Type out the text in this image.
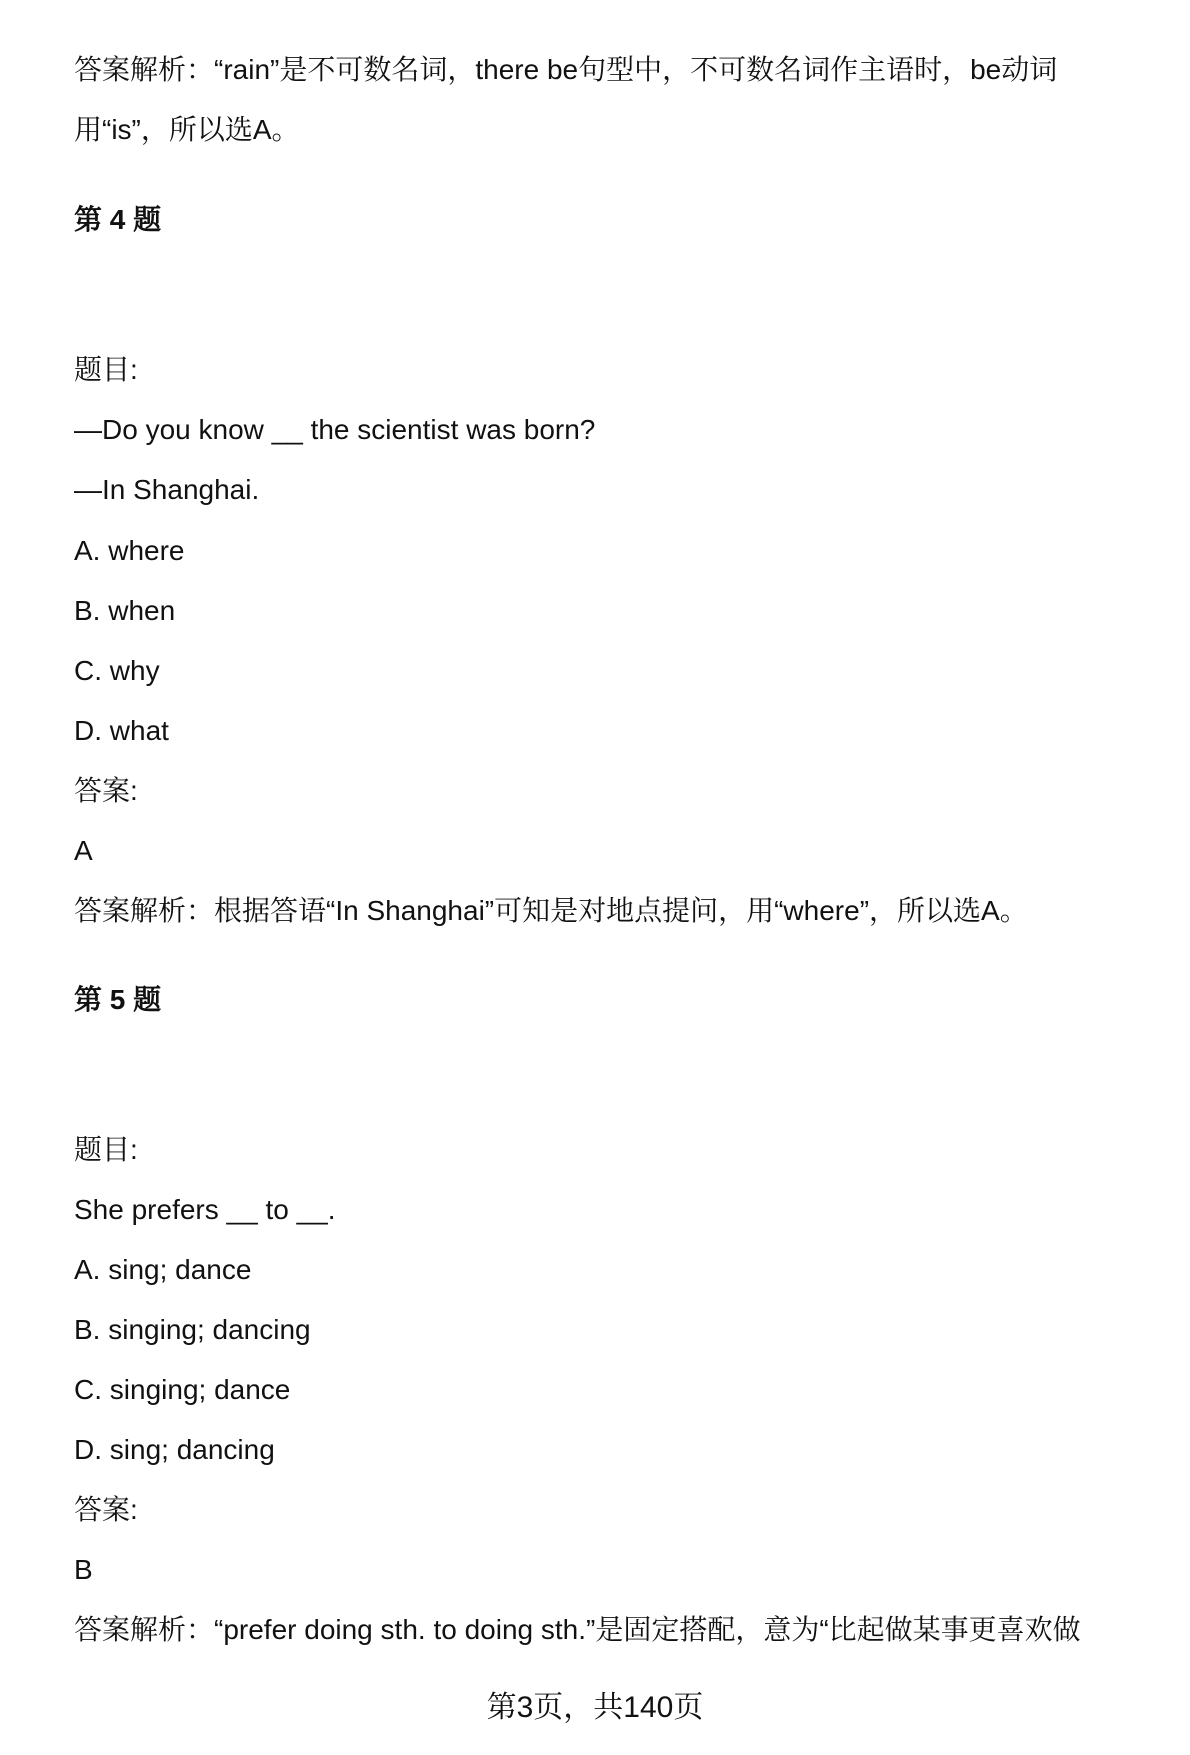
答案解析：“rain”是不可数名词，there be句型中，不可数名词作主语时，be动词
用“is”，所以选A。
第 4 题
题目:
—Do you know __ the scientist was born?
—In Shanghai.
A. where
B. when
C. why
D. what
答案:
A
答案解析：根据答语“In Shanghai”可知是对地点提问，用“where”，所以选A。
第 5 题
题目:
She prefers __ to __.
A. sing; dance
B. singing; dancing
C. singing; dance
D. sing; dancing
答案:
B
答案解析：“prefer doing sth. to doing sth.”是固定搭配，意为“比起做某事更喜欢做
第3页，共140页
